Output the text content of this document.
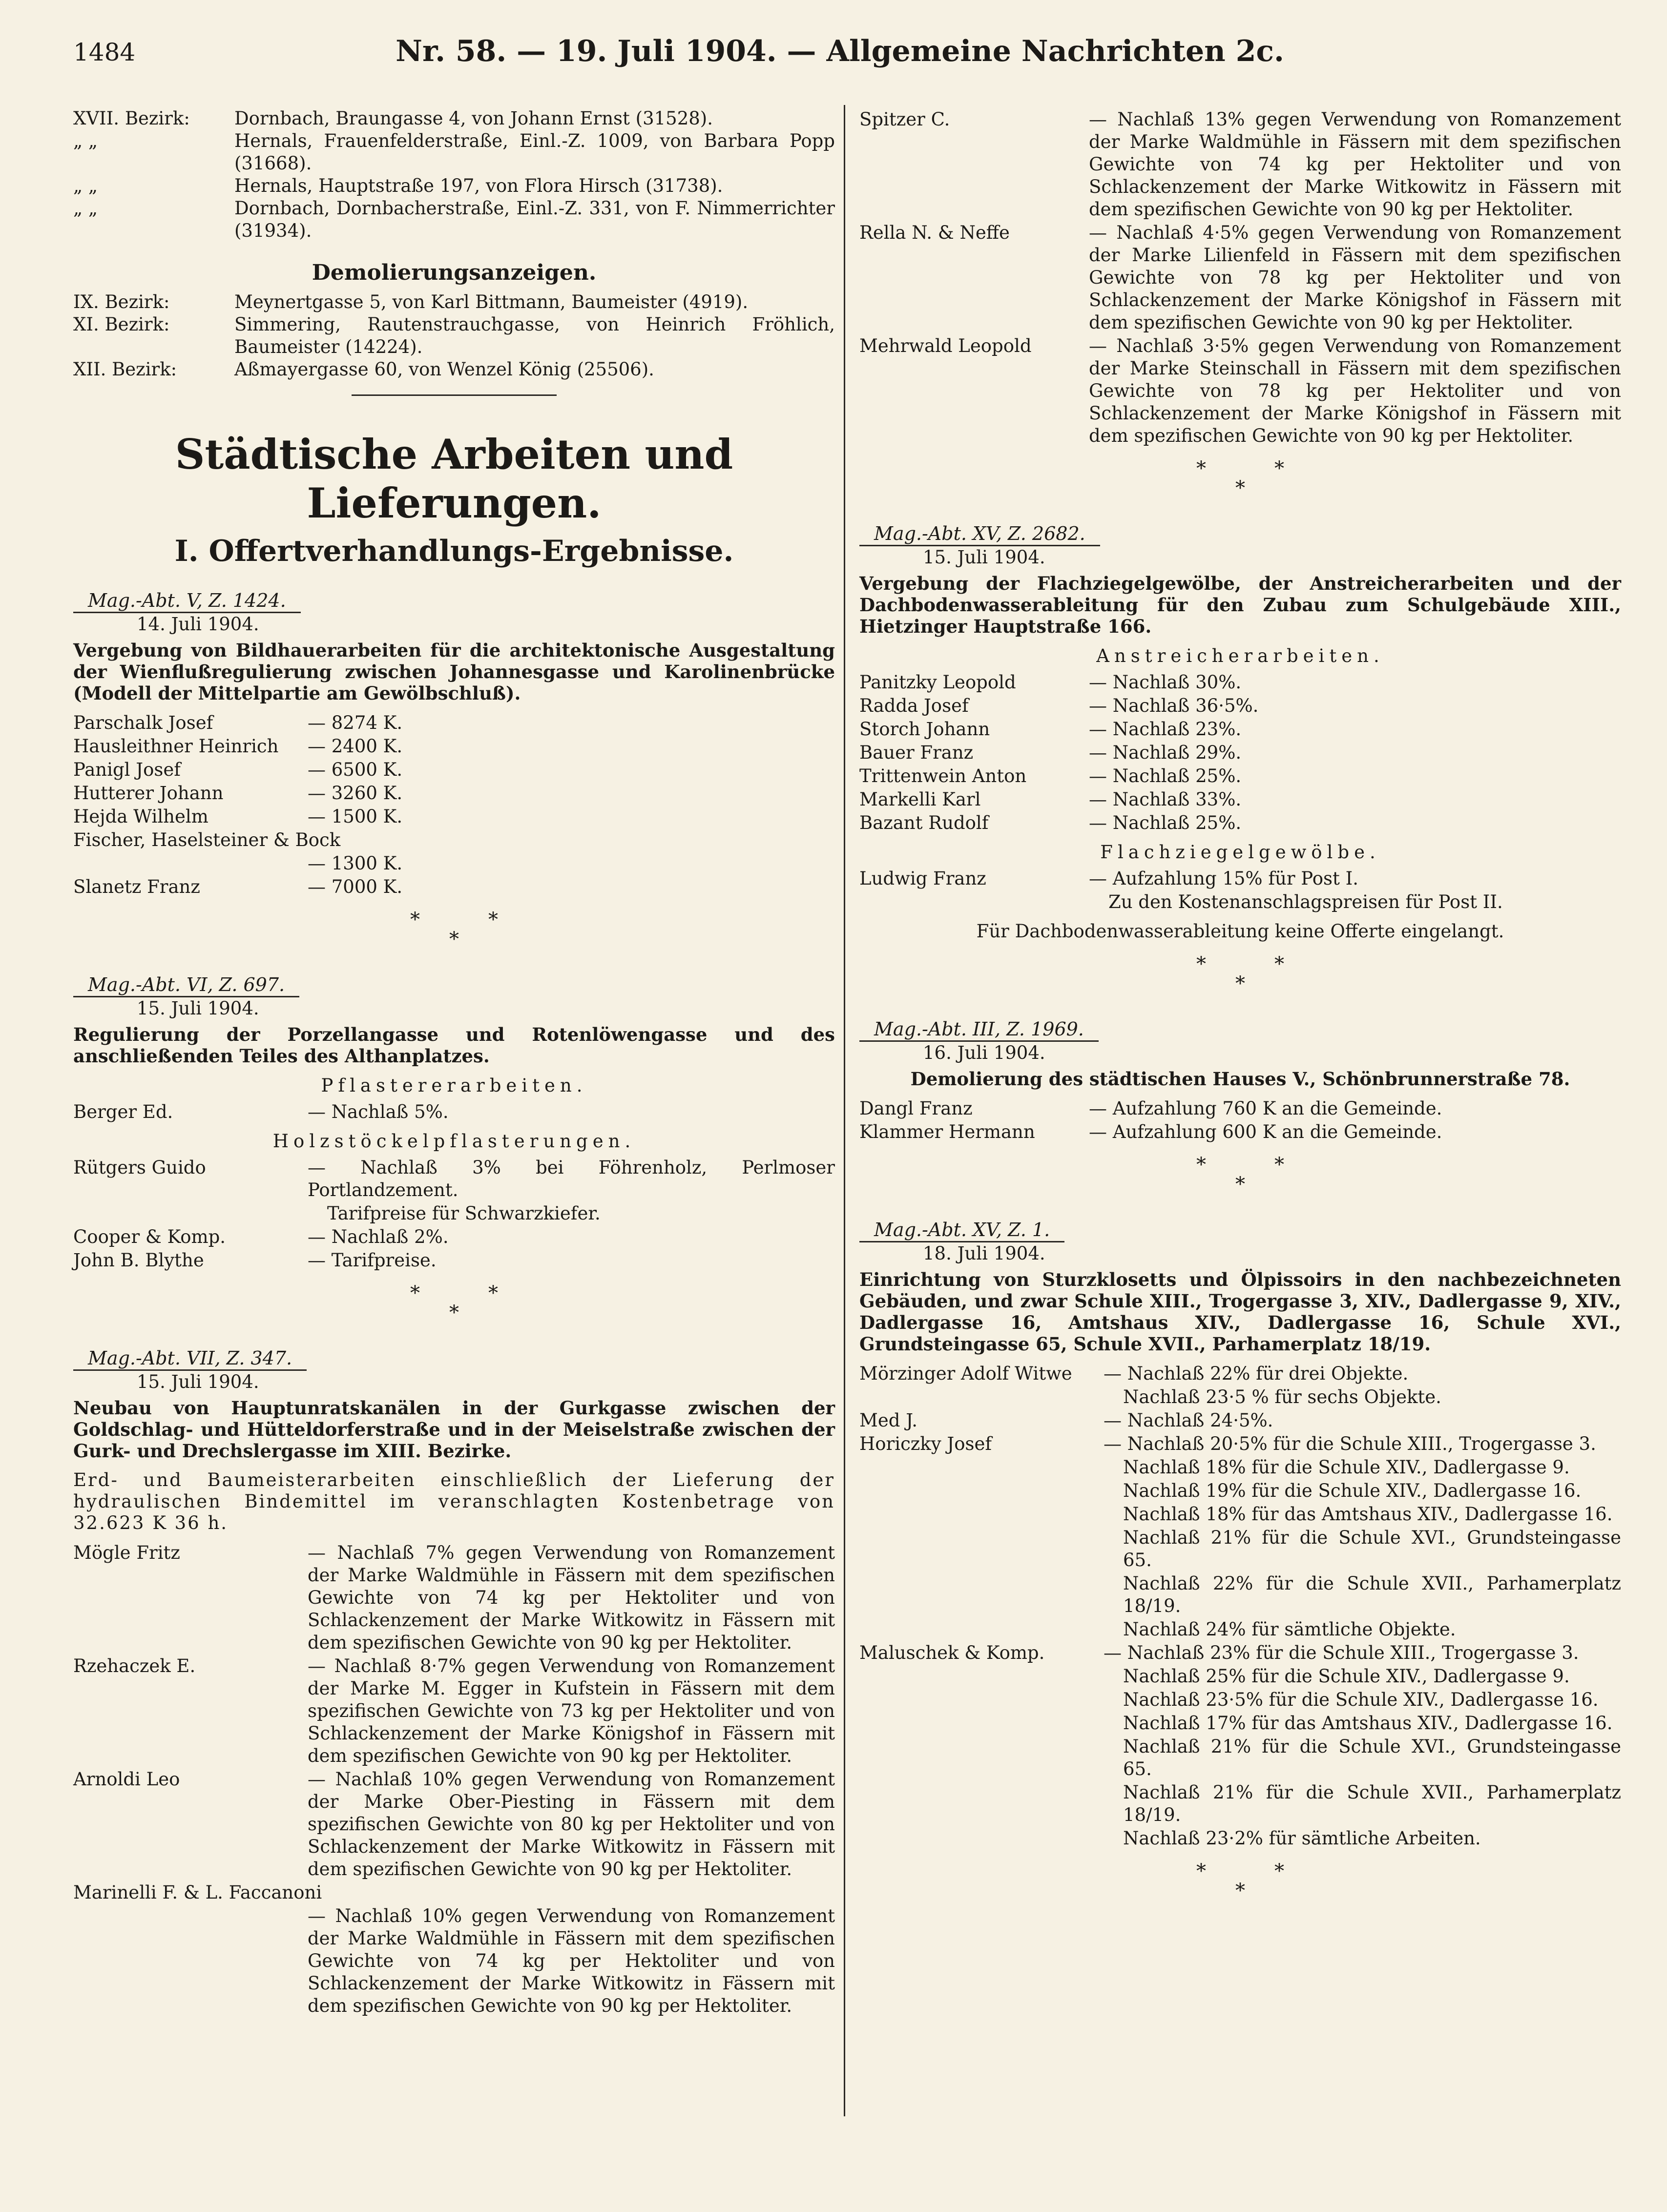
1484	Nr. 58. — 19. Juli 1904. — Allgemeine Nachrichten 2c.
XVII. Bezirk:	Dornbach, Braungasse 4, von Johann Ernst (31528).
„ „	Hernals, Frauenfelderstraße, Einl.-Z. 1009, von Barbara Popp (31668).
„ „	Hernals, Hauptstraße 197, von Flora Hirsch (31738).
„ „	Dornbach, Dornbacherstraße, Einl.-Z. 331, von F. Nimmerrichter (31934).
Demolierungsanzeigen.
IX. Bezirk:	Meynertgasse 5, von Karl Bittmann, Baumeister (4919).
XI. Bezirk:	Simmering, Rautenstrauchgasse, von Heinrich Fröhlich, Baumeister (14224).
XII. Bezirk:	Aßmayergasse 60, von Wenzel König (25506).
Städtische Arbeiten und Lieferungen.
I. Offertverhandlungs-Ergebnisse.
Mag.-Abt. V, Z. 1424.
14. Juli 1904.
Vergebung von Bildhauerarbeiten für die architektonische Ausgestaltung der Wienflußregulierung zwischen Johannesgasse und Karolinenbrücke (Modell der Mittelpartie am Gewölbschluß).
Parschalk Josef	— 8274 K.
Hausleithner Heinrich	— 2400 K.
Panigl Josef	— 6500 K.
Hutterer Johann	— 3260 K.
Hejda Wilhelm	— 1500 K.
Fischer, Haselsteiner & Bock
— 1300 K.
Slanetz Franz	— 7000 K.
**
*
Mag.-Abt. VI, Z. 697.
15. Juli 1904.
Regulierung der Porzellangasse und Rotenlöwengasse und des anschließenden Teiles des Althanplatzes.
Pflastererarbeiten.
Berger Ed.	— Nachlaß 5%.
Holzstöckelpflasterungen.
Rütgers Guido	— Nachlaß 3% bei Föhrenholz, Perlmoser Portlandzement.
Tarifpreise für Schwarzkiefer.
Cooper & Komp.	— Nachlaß 2%.
John B. Blythe	— Tarifpreise.
**
*
Mag.-Abt. VII, Z. 347.
15. Juli 1904.
Neubau von Hauptunratskanälen in der Gurkgasse zwischen der Goldschlag- und Hütteldorferstraße und in der Meiselstraße zwischen der Gurk- und Drechslergasse im XIII. Bezirke.
Erd- und Baumeisterarbeiten einschließlich der Lieferung der hydraulischen Bindemittel im veranschlagten Kostenbetrage von 32.623 K 36 h.
Mögle Fritz	— Nachlaß 7% gegen Verwendung von Romanzement der Marke Waldmühle in Fässern mit dem spezifischen Gewichte von 74 kg per Hektoliter und von Schlackenzement der Marke Witkowitz in Fässern mit dem spezifischen Gewichte von 90 kg per Hektoliter.
Rzehaczek E.	— Nachlaß 8·7% gegen Verwendung von Romanzement der Marke M. Egger in Kufstein in Fässern mit dem spezifischen Gewichte von 73 kg per Hektoliter und von Schlackenzement der Marke Königshof in Fässern mit dem spezifischen Gewichte von 90 kg per Hektoliter.
Arnoldi Leo	— Nachlaß 10% gegen Verwendung von Romanzement der Marke Ober-Piesting in Fässern mit dem spezifischen Gewichte von 80 kg per Hektoliter und von Schlackenzement der Marke Witkowitz in Fässern mit dem spezifischen Gewichte von 90 kg per Hektoliter.
Marinelli F. & L. Faccanoni
— Nachlaß 10% gegen Verwendung von Romanzement der Marke Waldmühle in Fässern mit dem spezifischen Gewichte von 74 kg per Hektoliter und von Schlackenzement der Marke Witkowitz in Fässern mit dem spezifischen Gewichte von 90 kg per Hektoliter.
Spitzer C.	— Nachlaß 13% gegen Verwendung von Romanzement der Marke Waldmühle in Fässern mit dem spezifischen Gewichte von 74 kg per Hektoliter und von Schlackenzement der Marke Witkowitz in Fässern mit dem spezifischen Gewichte von 90 kg per Hektoliter.
Rella N. & Neffe	— Nachlaß 4·5% gegen Verwendung von Romanzement der Marke Lilienfeld in Fässern mit dem spezifischen Gewichte von 78 kg per Hektoliter und von Schlackenzement der Marke Königshof in Fässern mit dem spezifischen Gewichte von 90 kg per Hektoliter.
Mehrwald Leopold	— Nachlaß 3·5% gegen Verwendung von Romanzement der Marke Steinschall in Fässern mit dem spezifischen Gewichte von 78 kg per Hektoliter und von Schlackenzement der Marke Königshof in Fässern mit dem spezifischen Gewichte von 90 kg per Hektoliter.
**
*
Mag.-Abt. XV, Z. 2682.
15. Juli 1904.
Vergebung der Flachziegelgewölbe, der Anstreicherarbeiten und der Dachbodenwasserableitung für den Zubau zum Schulgebäude XIII., Hietzinger Hauptstraße 166.
Anstreicherarbeiten.
Panitzky Leopold	— Nachlaß 30%.
Radda Josef	— Nachlaß 36·5%.
Storch Johann	— Nachlaß 23%.
Bauer Franz	— Nachlaß 29%.
Trittenwein Anton	— Nachlaß 25%.
Markelli Karl	— Nachlaß 33%.
Bazant Rudolf	— Nachlaß 25%.
Flachziegelgewölbe.
Ludwig Franz	— Aufzahlung 15% für Post I.
Zu den Kostenanschlagspreisen für Post II.
Für Dachbodenwasserableitung keine Offerte eingelangt.
**
*
Mag.-Abt. III, Z. 1969.
16. Juli 1904.
Demolierung des städtischen Hauses V., Schönbrunnerstraße 78.
Dangl Franz	— Aufzahlung 760 K an die Gemeinde.
Klammer Hermann	— Aufzahlung 600 K an die Gemeinde.
**
*
Mag.-Abt. XV, Z. 1.
18. Juli 1904.
Einrichtung von Sturzklosetts und Ölpissoirs in den nachbezeichneten Gebäuden, und zwar Schule XIII., Trogergasse 3, XIV., Dadlergasse 9, XIV., Dadlergasse 16, Amtshaus XIV., Dadlergasse 16, Schule XVI., Grundsteingasse 65, Schule XVII., Parhamerplatz 18/19.
Mörzinger Adolf Witwe	— Nachlaß 22% für drei Objekte.
Nachlaß 23·5 % für sechs Objekte.
Med J.	— Nachlaß 24·5%.
Horiczky Josef	— Nachlaß 20·5% für die Schule XIII., Trogergasse 3.
Nachlaß 18% für die Schule XIV., Dadlergasse 9.
Nachlaß 19% für die Schule XIV., Dadlergasse 16.
Nachlaß 18% für das Amtshaus XIV., Dadlergasse 16.
Nachlaß 21% für die Schule XVI., Grundsteingasse 65.
Nachlaß 22% für die Schule XVII., Parhamerplatz 18/19.
Nachlaß 24% für sämtliche Objekte.
Maluschek & Komp.	— Nachlaß 23% für die Schule XIII., Trogergasse 3.
Nachlaß 25% für die Schule XIV., Dadlergasse 9.
Nachlaß 23·5% für die Schule XIV., Dadlergasse 16.
Nachlaß 17% für das Amtshaus XIV., Dadlergasse 16.
Nachlaß 21% für die Schule XVI., Grundsteingasse 65.
Nachlaß 21% für die Schule XVII., Parhamerplatz 18/19.
Nachlaß 23·2% für sämtliche Arbeiten.
**
*
